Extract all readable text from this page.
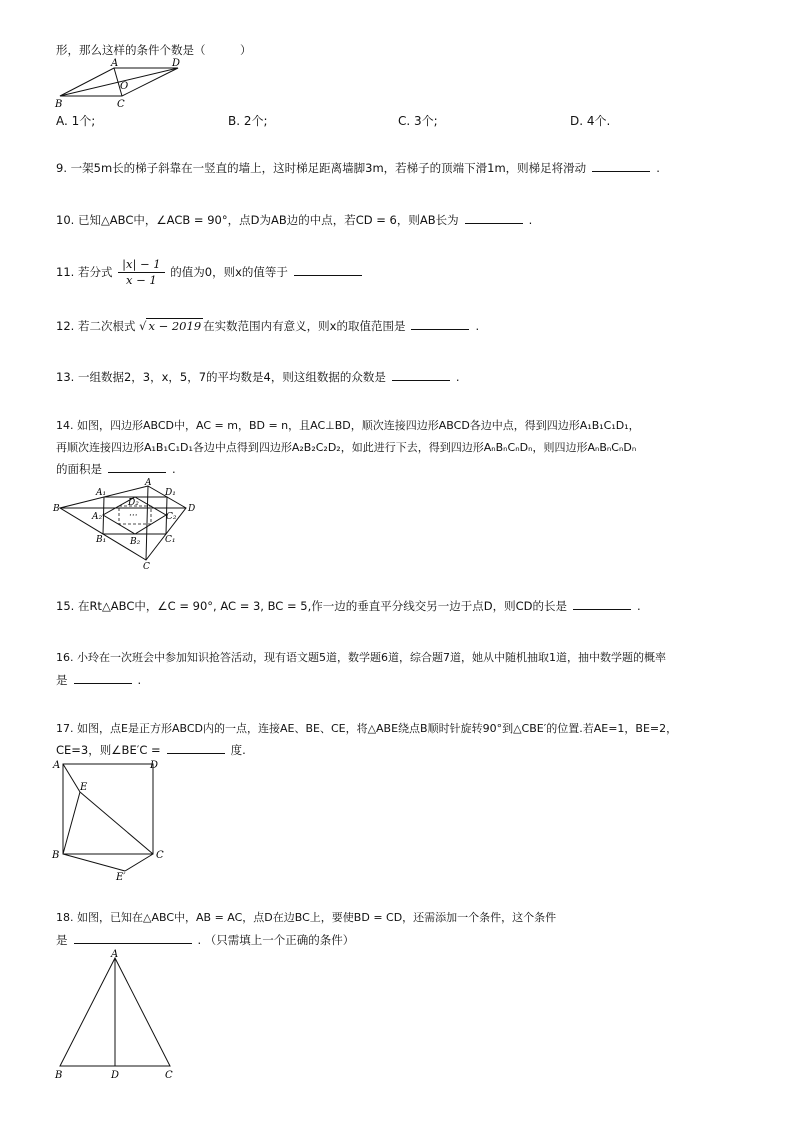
形，那么这样的条件个数是（　　　）
A	D
B	C
O
A. 1个;	B. 2个;	C. 3个;	D. 4个.
9. 一架5m长的梯子斜靠在一竖直的墙上，这时梯足距离墙脚3m，若梯子的顶端下滑1m，则梯足将滑动	.
10. 已知△ABC中，∠ACB = 90°，点D为AB边的中点，若CD = 6，则AB长为	.
11. 若分式 $\frac{|x| - 1}{x - 1}$ 的值为0，则x的值等于
12. 若二次根式 √ x − 2019 在实数范围内有意义，则x的取值范围是	.
13. 一组数据2，3，x，5，7的平均数是4，则这组数据的众数是	.
14. 如图，四边形ABCD中，AC = m，BD = n，且AC⊥BD，顺次连接四边形ABCD各边中点，得到四边形A₁B₁C₁D₁，
再顺次连接四边形A₁B₁C₁D₁各边中点得到四边形A₂B₂C₂D₂，如此进行下去，得到四边形AₙBₙCₙDₙ，则四边形AₙBₙCₙDₙ
的面积是	.
A
B
C
D
A₁	D₁
B₁	C₁
A₂
B₂
C₂
D₂
···
15. 在Rt△ABC中，∠C = 90°, AC = 3, BC = 5,作一边的垂直平分线交另一边于点D，则CD的长是	.
16. 小玲在一次班会中参加知识抢答活动，现有语文题5道，数学题6道，综合题7道，她从中随机抽取1道，抽中数学题的概率
是	.
17. 如图，点E是正方形ABCD内的一点，连接AE、BE、CE，将△ABE绕点B顺时针旋转90°到△CBE′的位置.若AE=1，BE=2，
CE=3，则∠BE′C =	度.
A	D
E
B	C
E′
18. 如图，已知在△ABC中，AB = AC，点D在边BC上，要使BD = CD，还需添加一个条件，这个条件
是	. （只需填上一个正确的条件）
A
B	D	C
